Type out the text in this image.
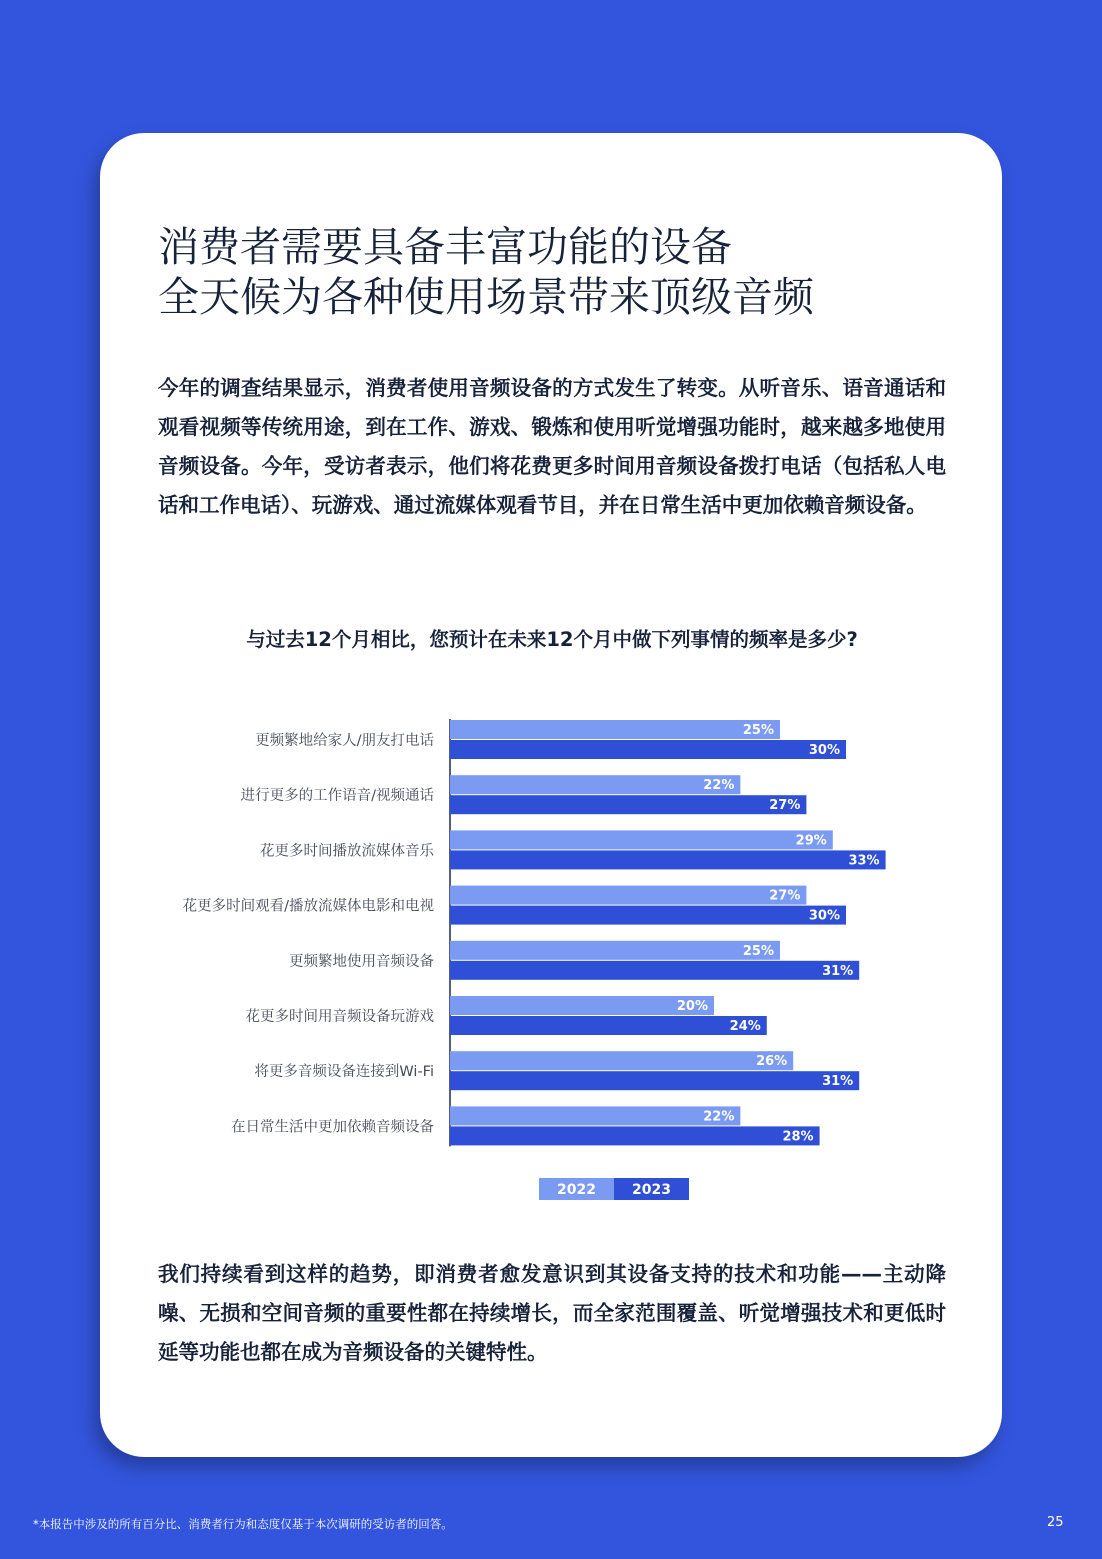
消费者需要具备丰富功能的设备
全天候为各种使用场景带来顶级音频
今年的调查结果显示，消费者使用音频设备的方式发生了转变。从听音乐、语音通话和观看视频等传统用途，到在工作、游戏、锻炼和使用听觉增强功能时，越来越多地使用音频设备。今年，受访者表示，他们将花费更多时间用音频设备拨打电话（包括私人电话和工作电话）、玩游戏、通过流媒体观看节目，并在日常生活中更加依赖音频设备。
与过去12个月相比，您预计在未来12个月中做下列事情的频率是多少?
更频繁地给家人/朋友打电话
25%
30%
进行更多的工作语音/视频通话
22%
27%
花更多时间播放流媒体音乐
29%
33%
花更多时间观看/播放流媒体电影和电视
27%
30%
更频繁地使用音频设备
25%
31%
花更多时间用音频设备玩游戏
20%
24%
将更多音频设备连接到Wi-Fi
26%
31%
在日常生活中更加依赖音频设备
22%
28%
2022	2023
我们持续看到这样的趋势，即消费者愈发意识到其设备支持的技术和功能——主动降噪、无损和空间音频的重要性都在持续增长，而全家范围覆盖、听觉增强技术和更低时延等功能也都在成为音频设备的关键特性。
*本报告中涉及的所有百分比、消费者行为和态度仅基于本次调研的受访者的回答。	25
